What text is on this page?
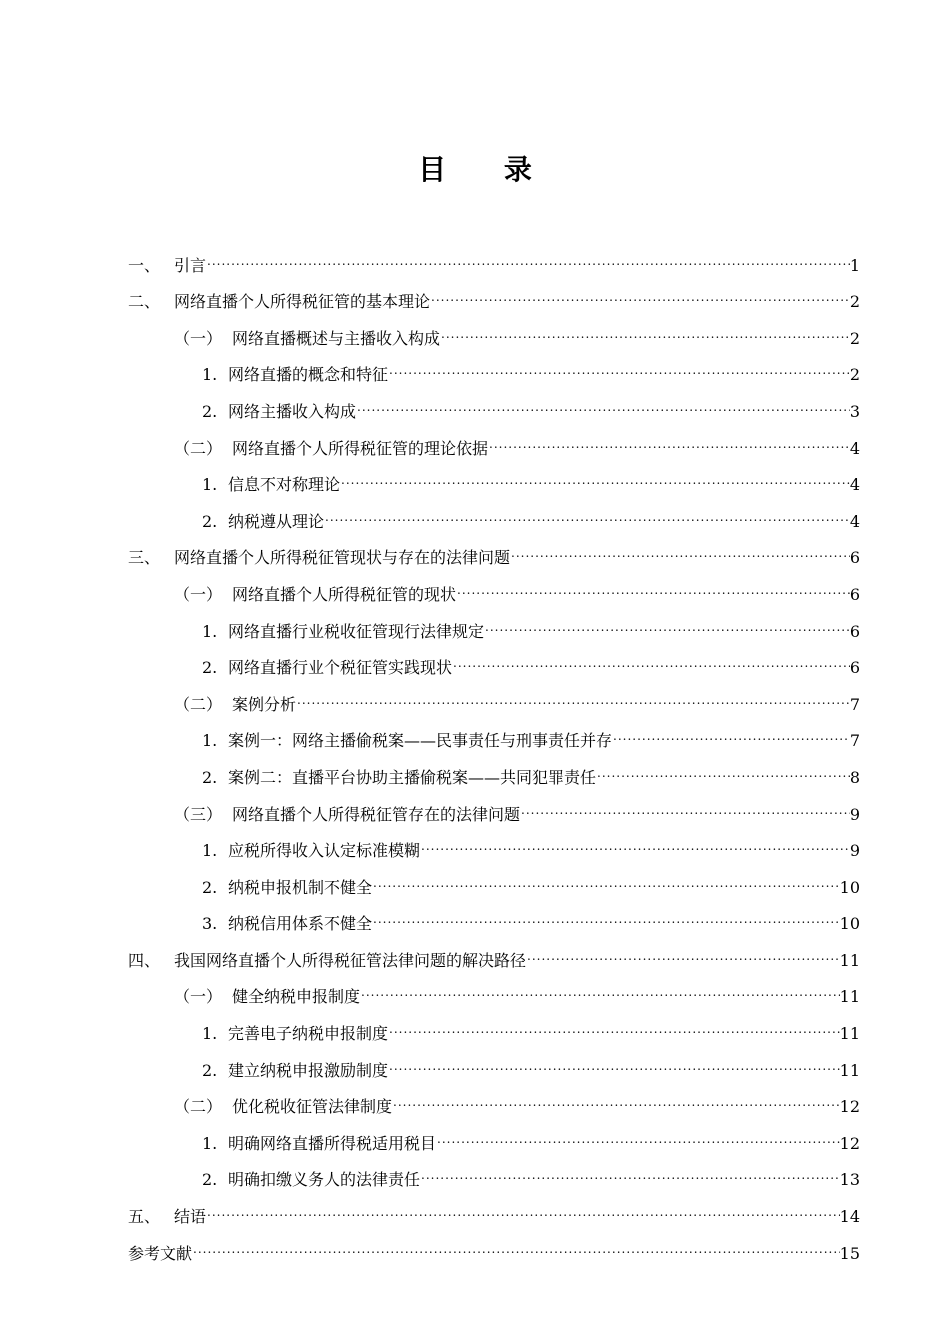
目 录
一、 引言 .....	1
二、 网络直播个人所得税征管的基本理论 .....	2
（一） 网络直播概述与主播收入构成 .....	2
1. 网络直播的概念和特征 .....	2
2. 网络主播收入构成 .....	3
（二） 网络直播个人所得税征管的理论依据 .....	4
1. 信息不对称理论 .....	4
2. 纳税遵从理论 .....	4
三、 网络直播个人所得税征管现状与存在的法律问题 .....	6
（一） 网络直播个人所得税征管的现状 .....	6
1. 网络直播行业税收征管现行法律规定 .....	6
2. 网络直播行业个税征管实践现状 .....	6
（二） 案例分析 .....	7
1. 案例一：网络主播偷税案——民事责任与刑事责任并存 .....	7
2. 案例二：直播平台协助主播偷税案——共同犯罪责任 .....	8
（三） 网络直播个人所得税征管存在的法律问题 .....	9
1. 应税所得收入认定标准模糊 .....	9
2. 纳税申报机制不健全 .....	10
3. 纳税信用体系不健全 .....	10
四、 我国网络直播个人所得税征管法律问题的解决路径 .....	11
（一） 健全纳税申报制度 .....	11
1. 完善电子纳税申报制度 .....	11
2. 建立纳税申报激励制度 .....	11
（二） 优化税收征管法律制度 .....	12
1. 明确网络直播所得税适用税目 .....	12
2. 明确扣缴义务人的法律责任 .....	13
五、 结语 .....	14
参考文献 .....	15
